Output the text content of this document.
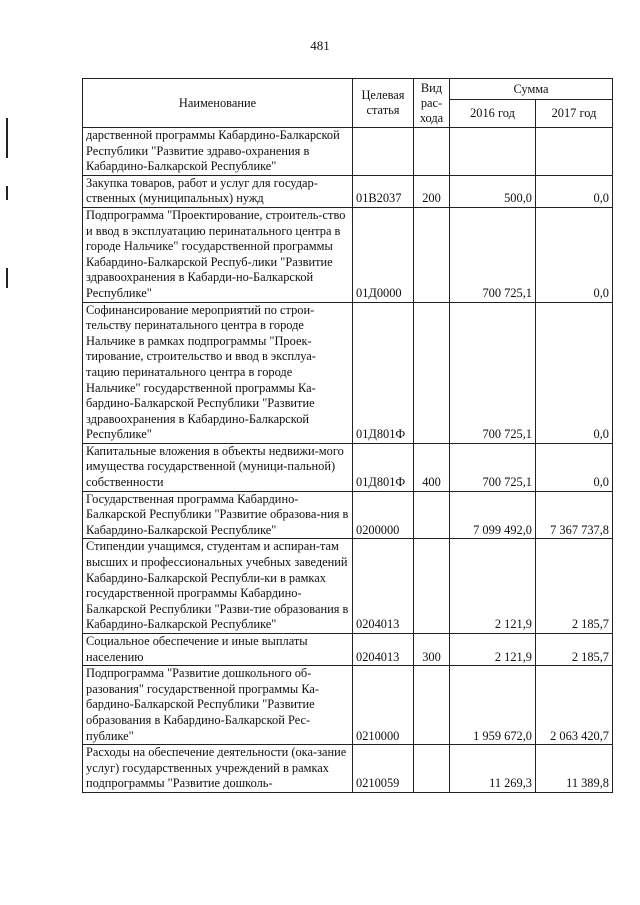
481
Наименование	Целевая статья	Вид рас-хода	Сумма	
			2016 год	2017 год
дарственной программы Кабардино-Балкарской Республики "Развитие здраво-охранения в Кабардино-Балкарской Республике"				
Закупка товаров, работ и услуг для государ-ственных (муниципальных) нужд	01В2037	200	500,0	0,0
Подпрограмма "Проектирование, строитель-ство и ввод в эксплуатацию перинатального центра в городе Нальчике" государственной программы Кабардино-Балкарской Респуб-лики "Развитие здравоохранения в Кабарди-но-Балкарской Республике"	01Д0000		700 725,1	0,0
Софинансирование мероприятий по строи-тельству перинатального центра в городе Нальчике в рамках подпрограммы "Проек-тирование, строительство и ввод в эксплуа-тацию перинатального центра в городе Нальчике" государственной программы Ка-бардино-Балкарской Республики "Развитие здравоохранения в Кабардино-Балкарской Республике"	01Д801Ф		700 725,1	0,0
Капитальные вложения в объекты недвижи-мого имущества государственной (муници-пальной) собственности	01Д801Ф	400	700 725,1	0,0
Государственная программа Кабардино-Балкарской Республики "Развитие образова-ния в Кабардино-Балкарской Республике"	0200000		7 099 492,0	7 367 737,8
Стипендии учащимся, студентам и аспиран-там высших и профессиональных учебных заведений Кабардино-Балкарской Республи-ки в рамках государственной программы Кабардино-Балкарской Республики "Разви-тие образования в Кабардино-Балкарской Республике"	0204013		2 121,9	2 185,7
Социальное обеспечение и иные выплаты населению	0204013	300	2 121,9	2 185,7
Подпрограмма "Развитие дошкольного об-разования" государственной программы Ка-бардино-Балкарской Республики "Развитие образования в Кабардино-Балкарской Рес-публике"	0210000		1 959 672,0	2 063 420,7
Расходы на обеспечение деятельности (ока-зание услуг) государственных учреждений в рамках подпрограммы "Развитие дошколь-	0210059		11 269,3	11 389,8
